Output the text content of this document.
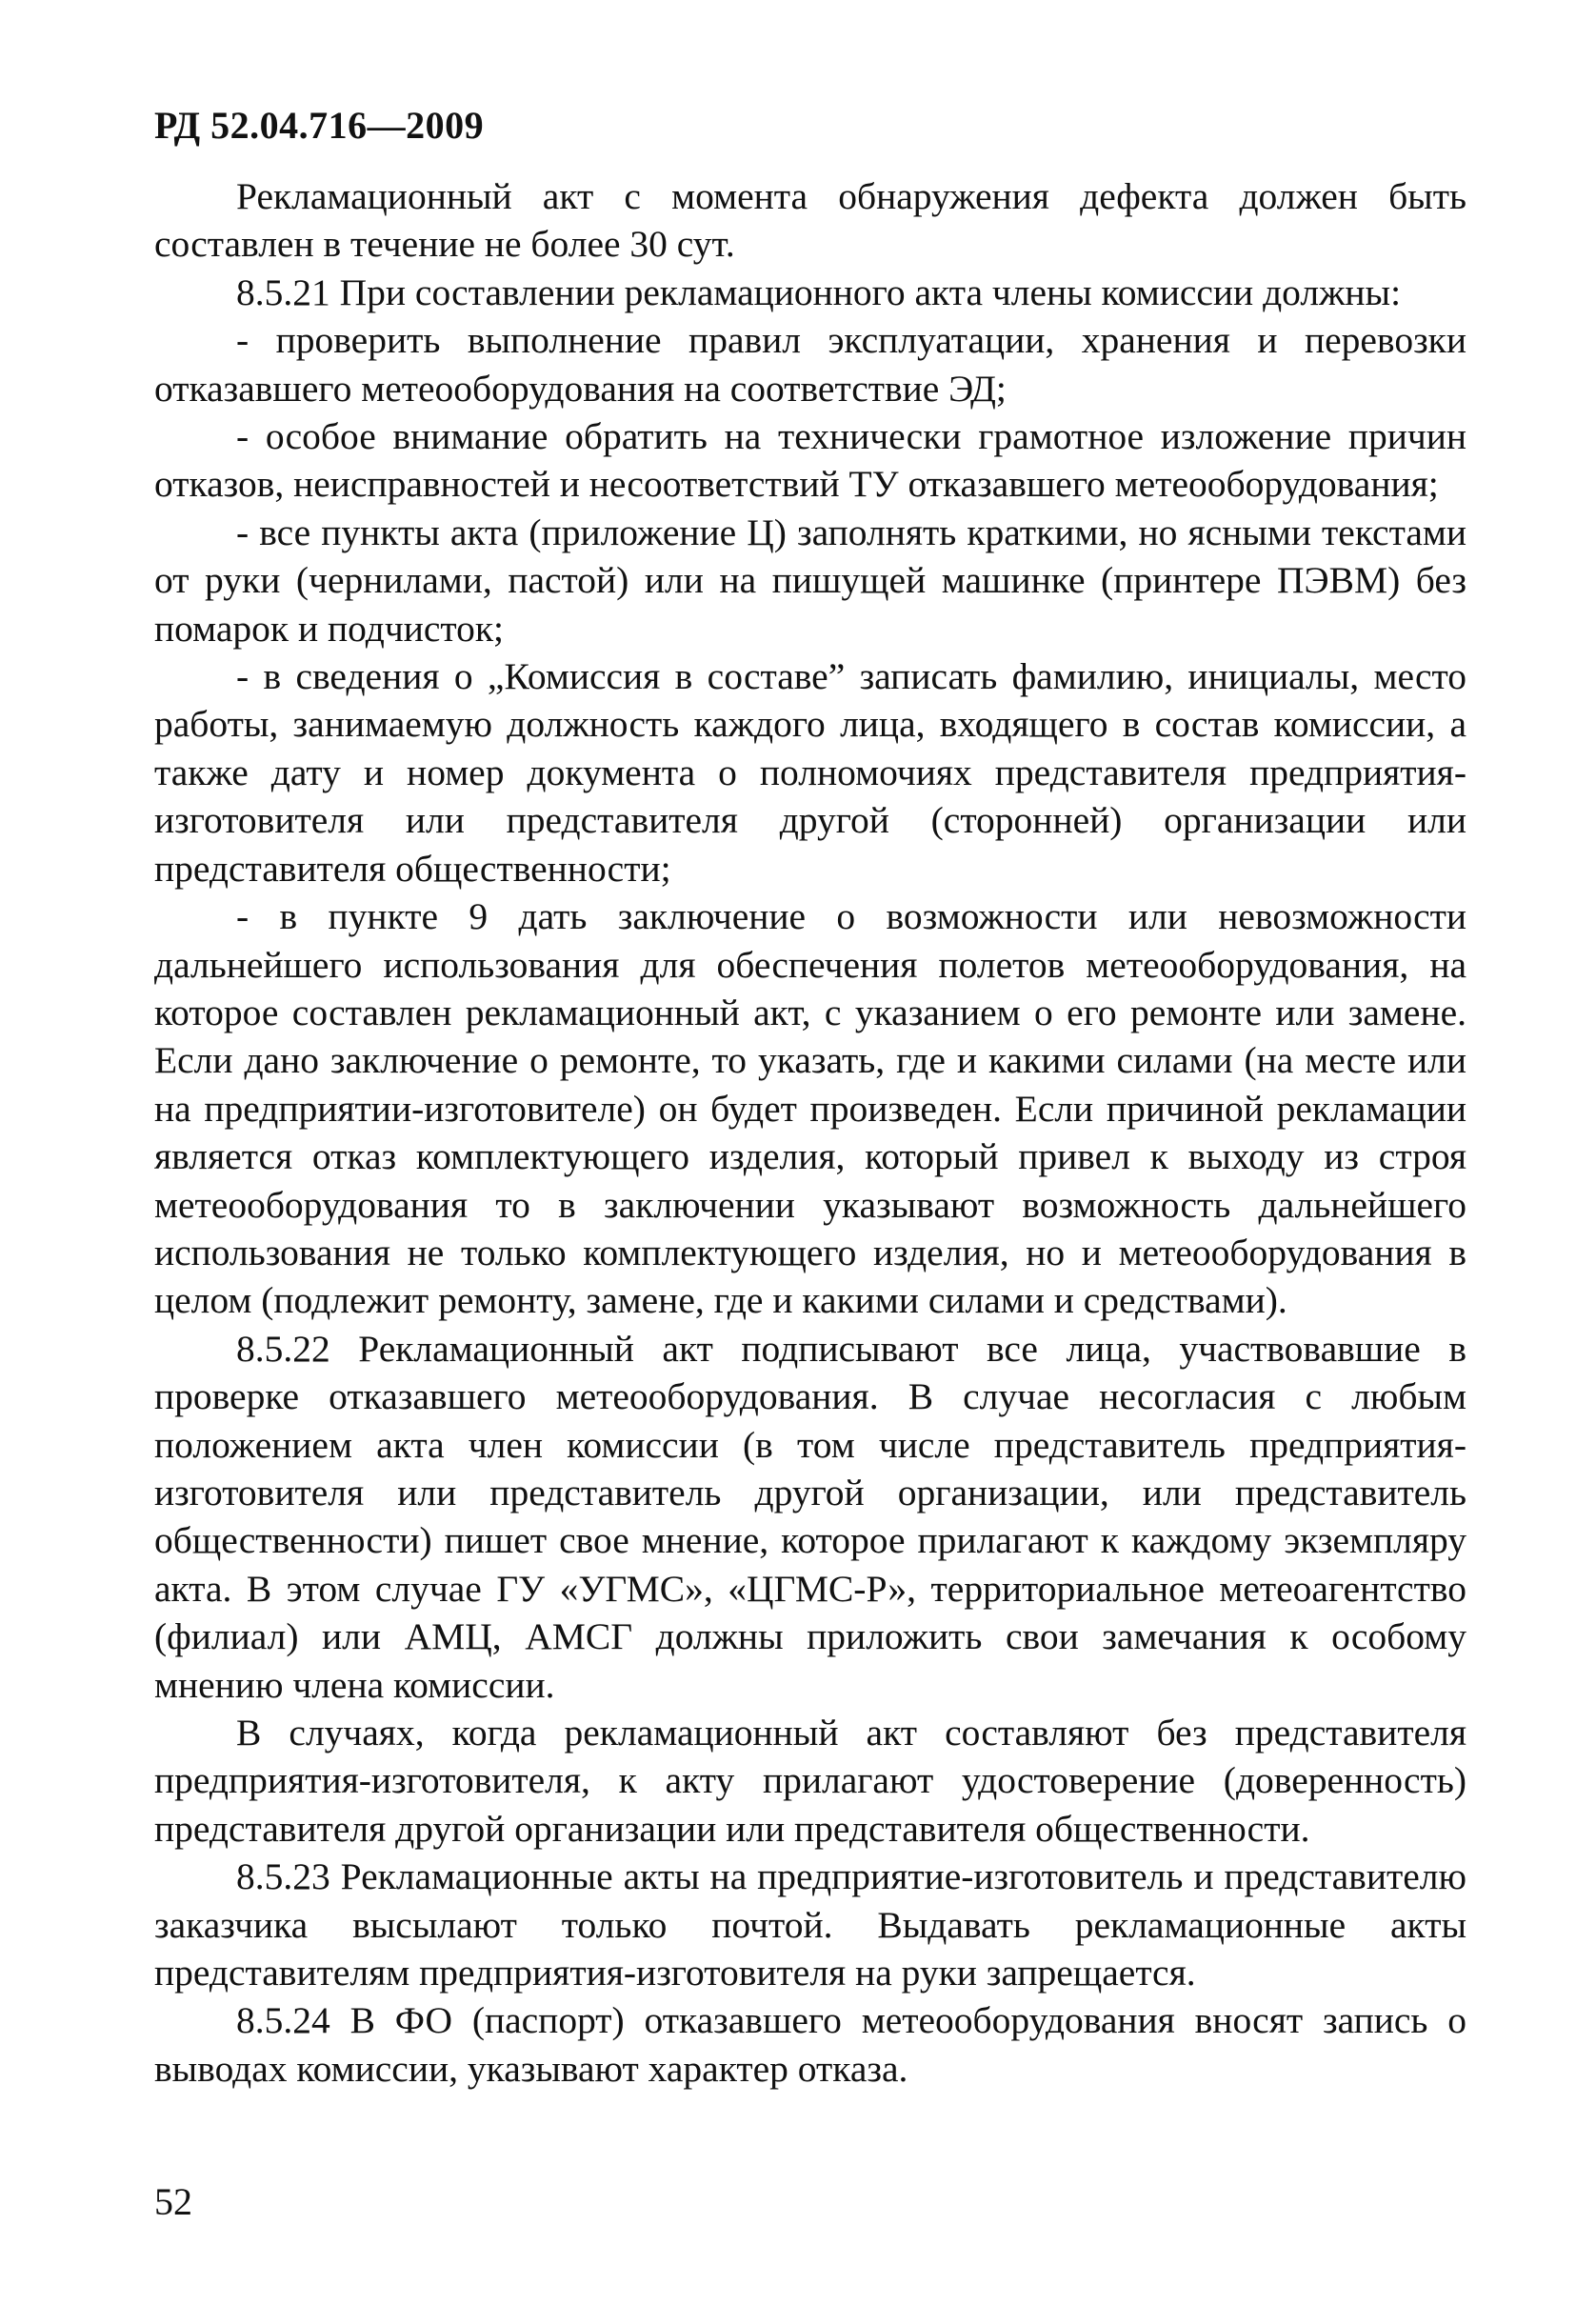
РД 52.04.716—2009

Рекламационный акт с момента обнаружения дефекта должен быть составлен в течение не более 30 сут.

8.5.21 При составлении рекламационного акта члены комиссии должны:

- проверить выполнение правил эксплуатации, хранения и перевозки отказавшего метеооборудования на соответствие ЭД;

- особое внимание обратить на технически грамотное изложение причин отказов, неисправностей и несоответствий ТУ отказавшего метеооборудования;

- все пункты акта (приложение Ц) заполнять краткими, но ясными текстами от руки (чернилами, пастой) или на пишущей машинке (принтере ПЭВМ) без помарок и подчисток;

- в сведения о „Комиссия в составе” записать фамилию, инициалы, место работы, занимаемую должность каждого лица, входящего в состав комиссии, а также дату и номер документа о полномочиях представителя предприятия-изготовителя или представителя другой (сторонней) организации или представителя общественности;

- в пункте 9 дать заключение о возможности или невозможности дальнейшего использования для обеспечения полетов метеооборудования, на которое составлен рекламационный акт, с указанием о его ремонте или замене. Если дано заключение о ремонте, то указать, где и какими силами (на месте или на предприятии-изготовителе) он будет произведен. Если причиной рекламации является отказ комплектующего изделия, который привел к выходу из строя метеооборудования то в заключении указывают возможность дальнейшего использования не только комплектующего изделия, но и метеооборудования в целом (подлежит ремонту, замене, где и какими силами и средствами).

8.5.22 Рекламационный акт подписывают все лица, участвовавшие в проверке отказавшего метеооборудования. В случае несогласия с любым положением акта член комиссии (в том числе представитель предприятия-изготовителя или представитель другой организации, или представитель общественности) пишет свое мнение, которое прилагают к каждому экземпляру акта. В этом случае ГУ «УГМС», «ЦГМС-Р», территориальное метеоагентство (филиал) или АМЦ, АМСГ должны приложить свои замечания к особому мнению члена комиссии.

В случаях, когда рекламационный акт составляют без представителя предприятия-изготовителя, к акту прилагают удостоверение (доверенность) представителя другой организации или представителя общественности.

8.5.23 Рекламационные акты на предприятие-изготовитель и представителю заказчика высылают только почтой. Выдавать рекламационные акты представителям предприятия-изготовителя на руки запрещается.

8.5.24 В ФО (паспорт) отказавшего метеооборудования вносят запись о выводах комиссии, указывают характер отказа.

52
